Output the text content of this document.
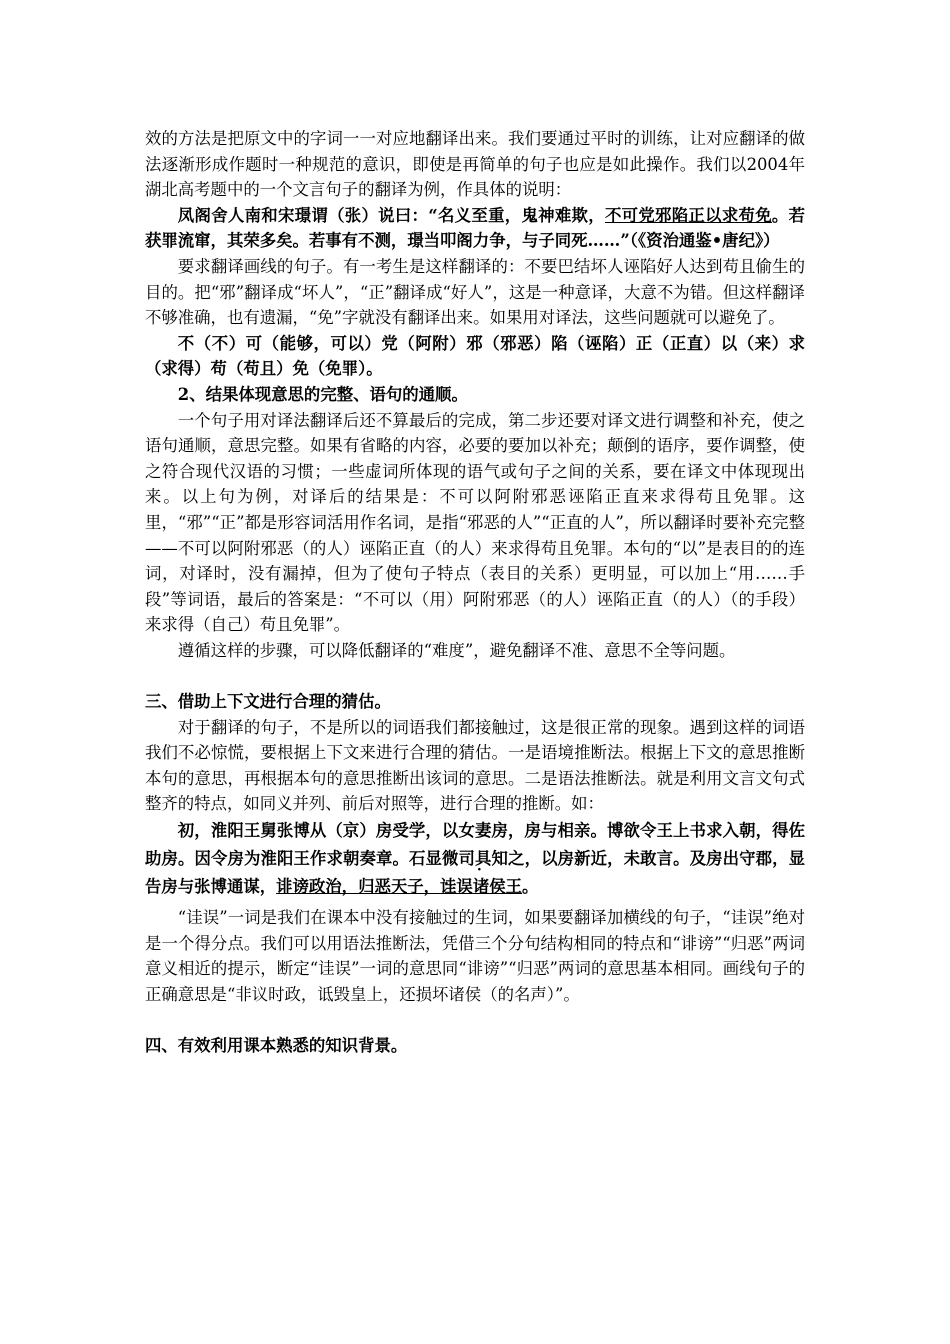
效的方法是把原文中的字词一一对应地翻译出来。我们要通过平时的训练，让对应翻译的做法逐渐形成作题时一种规范的意识，即使是再简单的句子也应是如此操作。我们以2004年湖北高考题中的一个文言句子的翻译为例，作具体的说明：

凤阁舍人南和宋璟谓（张）说曰：“名义至重，鬼神难欺，不可党邪陷正以求苟免。若获罪流窜，其荣多矣。若事有不测，璟当叩阁力争，与子同死……”（《资治通鉴•唐纪》）

要求翻译画线的句子。有一考生是这样翻译的：不要巴结坏人诬陷好人达到苟且偷生的目的。把“邪”翻译成“坏人”，“正”翻译成“好人”，这是一种意译，大意不为错。但这样翻译不够准确，也有遗漏，“免”字就没有翻译出来。如果用对译法，这些问题就可以避免了。

不（不）可（能够，可以）党（阿附）邪（邪恶）陷（诬陷）正（正直）以（来）求（求得）苟（苟且）免（免罪）。

2、结果体现意思的完整、语句的通顺。

一个句子用对译法翻译后还不算最后的完成，第二步还要对译文进行调整和补充，使之语句通顺，意思完整。如果有省略的内容，必要的要加以补充；颠倒的语序，要作调整，使之符合现代汉语的习惯；一些虚词所体现的语气或句子之间的关系，要在译文中体现现出来。以上句为例，对译后的结果是：不可以阿附邪恶诬陷正直来求得苟且免罪。这里，“邪”“正”都是形容词活用作名词，是指“邪恶的人”“正直的人”，所以翻译时要补充完整——不可以阿附邪恶（的人）诬陷正直（的人）来求得苟且免罪。本句的“以”是表目的的连词，对译时，没有漏掉，但为了使句子特点（表目的关系）更明显，可以加上“用……手段”等词语，最后的答案是：“不可以（用）阿附邪恶（的人）诬陷正直（的人）（的手段）来求得（自己）苟且免罪”。

遵循这样的步骤，可以降低翻译的“难度”，避免翻译不准、意思不全等问题。

三、借助上下文进行合理的猜估。

对于翻译的句子，不是所以的词语我们都接触过，这是很正常的现象。遇到这样的词语我们不必惊慌，要根据上下文来进行合理的猜估。一是语境推断法。根据上下文的意思推断本句的意思，再根据本句的意思推断出该词的意思。二是语法推断法。就是利用文言文句式整齐的特点，如同义并列、前后对照等，进行合理的推断。如：

初，淮阳王舅张博从（京）房受学，以女妻房，房与相亲。博欲令王上书求入朝，得佐助房。因令房为淮阳王作求朝奏章。石显微司具知之，以房新近，未敢言。及房出守郡，显告房与张博通谋，诽谤政治，归恶天子，· · 诖误诸侯王。

“诖误”一词是我们在课本中没有接触过的生词，如果要翻译加横线的句子，“诖误”绝对是一个得分点。我们可以用语法推断法，凭借三个分句结构相同的特点和“诽谤”“归恶”两词意义相近的提示，断定“诖误”一词的意思同“诽谤”“归恶”两词的意思基本相同。画线句子的正确意思是“非议时政，诋毁皇上，还损坏诸侯（的名声）”。

四、有效利用课本熟悉的知识背景。
